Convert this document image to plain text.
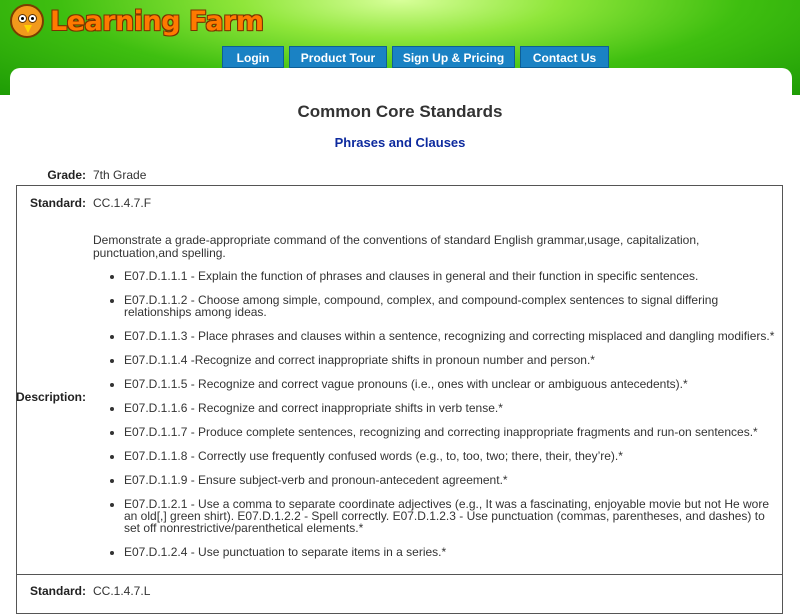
Learning Farm
Login	Product Tour	Sign Up & Pricing	Contact Us
Common Core Standards
Phrases and Clauses
Grade: 7th Grade
Standard: CC.1.4.7.F
Description:
Demonstrate a grade-appropriate command of the conventions of standard English grammar,usage, capitalization, punctuation,and spelling.
• E07.D.1.1.1 - Explain the function of phrases and clauses in general and their function in specific sentences.
• E07.D.1.1.2 - Choose among simple, compound, complex, and compound-complex sentences to signal differing relationships among ideas.
• E07.D.1.1.3 - Place phrases and clauses within a sentence, recognizing and correcting misplaced and dangling modifiers.*
• E07.D.1.1.4 -Recognize and correct inappropriate shifts in pronoun number and person.*
• E07.D.1.1.5 - Recognize and correct vague pronouns (i.e., ones with unclear or ambiguous antecedents).*
• E07.D.1.1.6 - Recognize and correct inappropriate shifts in verb tense.*
• E07.D.1.1.7 - Produce complete sentences, recognizing and correcting inappropriate fragments and run-on sentences.*
• E07.D.1.1.8 - Correctly use frequently confused words (e.g., to, too, two; there, their, they’re).*
• E07.D.1.1.9 - Ensure subject-verb and pronoun-antecedent agreement.*
• E07.D.1.2.1 - Use a comma to separate coordinate adjectives (e.g., It was a fascinating, enjoyable movie but not He wore an old[,] green shirt). E07.D.1.2.2 - Spell correctly. E07.D.1.2.3 - Use punctuation (commas, parentheses, and dashes) to set off nonrestrictive/parenthetical elements.*
• E07.D.1.2.4 - Use punctuation to separate items in a series.*
Standard: CC.1.4.7.L
